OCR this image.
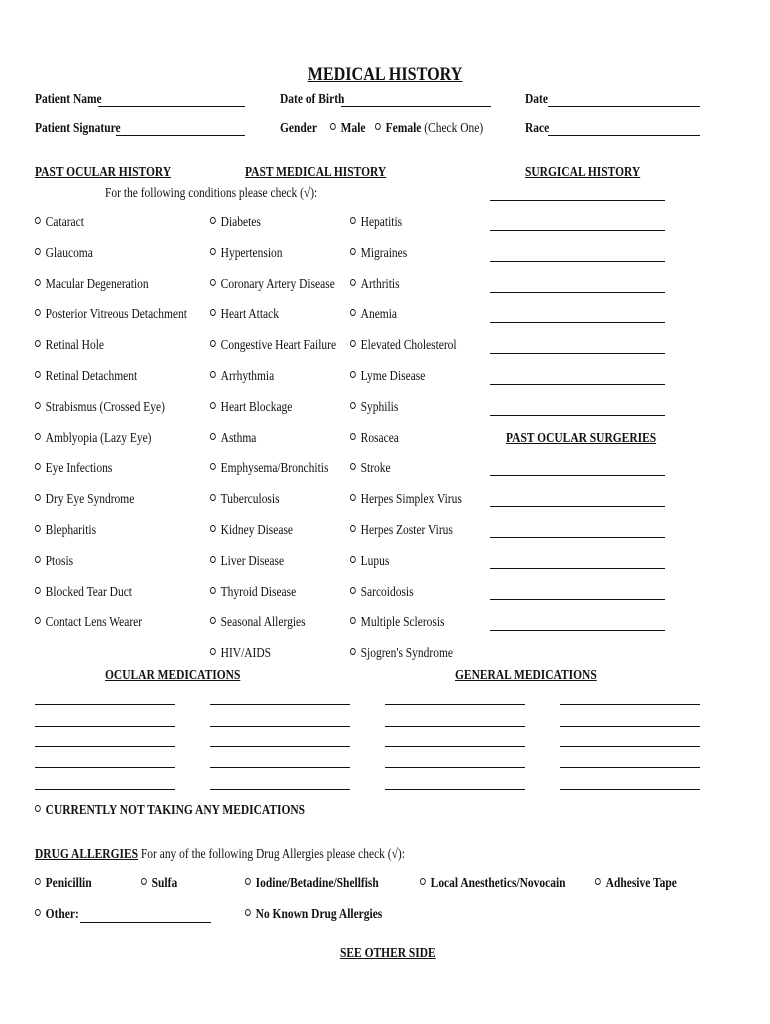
MEDICAL HISTORY
Patient Name	Date of Birth	Date
Patient Signature	Gender	Male	Female (Check One)	Race
PAST OCULAR HISTORY	PAST MEDICAL HISTORY	SURGICAL HISTORY
For the following conditions please check (√):
Cataract
Glaucoma
Macular Degeneration
Posterior Vitreous Detachment
Retinal Hole
Retinal Detachment
Strabismus (Crossed Eye)
Amblyopia (Lazy Eye)
Eye Infections
Dry Eye Syndrome
Blepharitis
Ptosis
Blocked Tear Duct
Contact Lens Wearer
Diabetes
Hypertension
Coronary Artery Disease
Heart Attack
Congestive Heart Failure
Arrhythmia
Heart Blockage
Asthma
Emphysema/Bronchitis
Tuberculosis
Kidney Disease
Liver Disease
Thyroid Disease
Seasonal Allergies
HIV/AIDS
Hepatitis
Migraines
Arthritis
Anemia
Elevated Cholesterol
Lyme Disease
Syphilis
Rosacea
Stroke
Herpes Simplex Virus
Herpes Zoster Virus
Lupus
Sarcoidosis
Multiple Sclerosis
Sjogren's Syndrome
PAST OCULAR SURGERIES
OCULAR MEDICATIONS	GENERAL MEDICATIONS
CURRENTLY NOT TAKING ANY MEDICATIONS
DRUG ALLERGIES For any of the following Drug Allergies please check (√):
Penicillin	Sulfa	Iodine/Betadine/Shellfish	Local Anesthetics/Novocain	Adhesive Tape
Other:	No Known Drug Allergies
SEE OTHER SIDE
